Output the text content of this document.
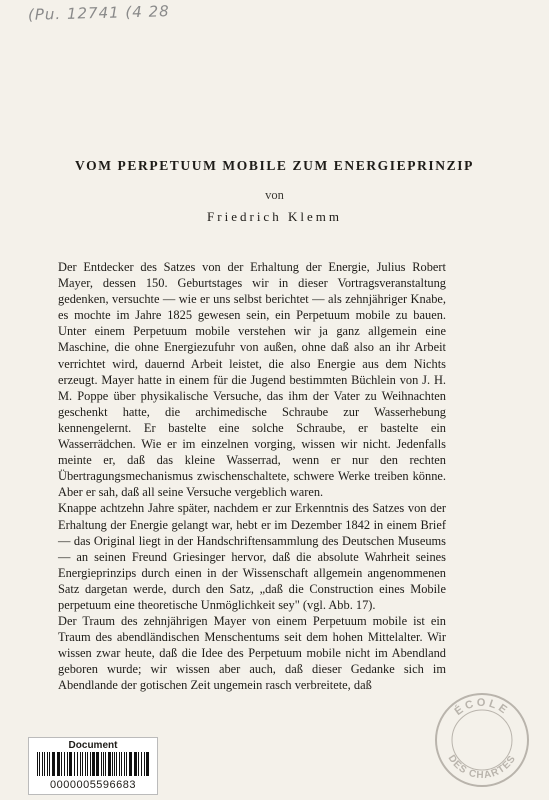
(Pu. 12741 (4 28
VOM PERPETUUM MOBILE ZUM ENERGIEPRINZIP
von
Friedrich Klemm

Der Entdecker des Satzes von der Erhaltung der Energie, Julius Robert Mayer, dessen 150. Geburtstages wir in dieser Vortragsveranstaltung gedenken, versuchte — wie er uns selbst berichtet — als zehnjähriger Knabe, es mochte im Jahre 1825 gewesen sein, ein Perpetuum mobile zu bauen. Unter einem Perpetuum mobile verstehen wir ja ganz allgemein eine Maschine, die ohne Energiezufuhr von außen, ohne daß also an ihr Arbeit verrichtet wird, dauernd Arbeit leistet, die also Energie aus dem Nichts erzeugt. Mayer hatte in einem für die Jugend bestimmten Büchlein von J. H. M. Poppe über physikalische Versuche, das ihm der Vater zu Weihnachten geschenkt hatte, die archimedische Schraube zur Wasserhebung kennengelernt. Er bastelte eine solche Schraube, er bastelte ein Wasserrädchen. Wie er im einzelnen vorging, wissen wir nicht. Jedenfalls meinte er, daß das kleine Wasserrad, wenn er nur den rechten Übertragungsmechanismus zwischenschaltete, schwere Werke treiben könne. Aber er sah, daß all seine Versuche vergeblich waren.

Knappe achtzehn Jahre später, nachdem er zur Erkenntnis des Satzes von der Erhaltung der Energie gelangt war, hebt er im Dezember 1842 in einem Brief — das Original liegt in der Handschriftensammlung des Deutschen Museums — an seinen Freund Griesinger hervor, daß die absolute Wahrheit seines Energieprinzips durch einen in der Wissenschaft allgemein angenommenen Satz dargetan werde, durch den Satz, „daß die Construction eines Mobile perpetuum eine theoretische Unmöglichkeit sey" (vgl. Abb. 17).

Der Traum des zehnjährigen Mayer von einem Perpetuum mobile ist ein Traum des abendländischen Menschentums seit dem hohen Mittelalter. Wir wissen zwar heute, daß die Idee des Perpetuum mobile nicht im Abendland geboren wurde; wir wissen aber auch, daß dieser Gedanke sich im Abendlande der gotischen Zeit ungemein rasch verbreitete, daß

Document
0000005596683
ÉCOLE
DES CHARTES
